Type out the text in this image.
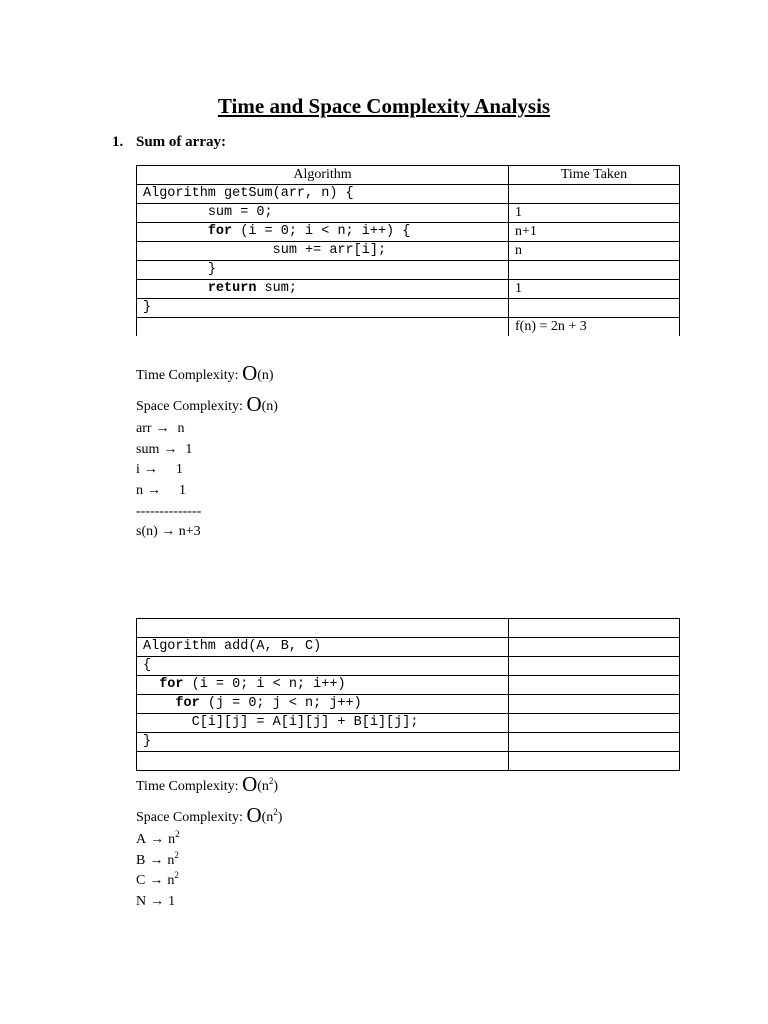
Time and Space Complexity Analysis
1. Sum of array:
Algorithm	Time Taken
Algorithm getSum(arr, n) {	
sum = 0;	1
for (i = 0; i < n; i++) {	n+1
sum += arr[i];	n
}	
return sum;	1
}	
	f(n) = 2n + 3
Time Complexity: O(n)
Space Complexity: O(n)
arr → n
sum → 1
i → 1
n → 1
--------------
s(n) → n+3

Algorithm add(A, B, C)	
{	
for (i = 0; i < n; i++)	
for (j = 0; j < n; j++)	
C[i][j] = A[i][j] + B[i][j];	
}	

Time Complexity: $O(n^2)$
Space Complexity: $O(n^2)$
$A \to n^2$
$B \to n^2$
$C \to n^2$
N → 1
